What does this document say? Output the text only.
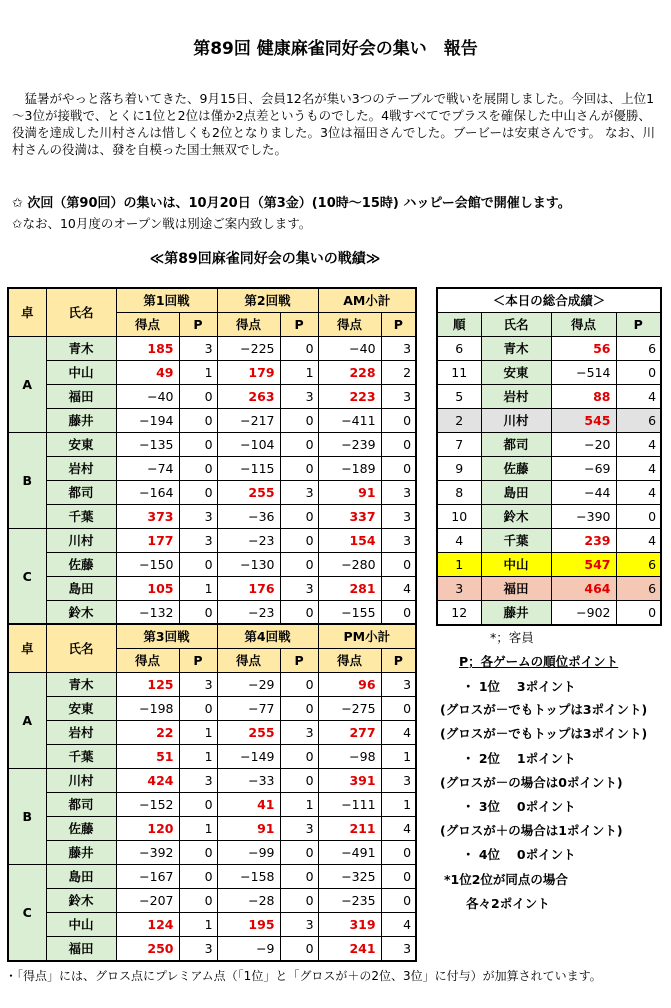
第89回 健康麻雀同好会の集い　報告
　猛暑がやっと落ち着いてきた、9月15日、会員12名が集い3つのテーブルで戦いを展開しました。今回は、上位1～3位が接戦で、とくに1位と2位は僅か2点差というものでした。4戦すべてでプラスを確保した中山さんが優勝、役満を達成した川村さんは惜しくも2位となりました。3位は福田さんでした。ブービーは安東さんです。 なお、川村さんの役満は、發を自模った国士無双でした。
✩ 次回（第90回）の集いは、10月20日（第3金）(10時～15時) ハッピー会館で開催します。
✩なお、10月度のオープン戦は別途ご案内致します。
≪第89回麻雀同好会の集いの戦績≫
卓	氏名	第1回戦		第2回戦		AM小計	
		得点	P	得点	P	得点	P
A	青木	185	3	−225	0	−40	3
	中山	49	1	179	1	228	2
	福田	−40	0	263	3	223	3
	藤井	−194	0	−217	0	−411	0
B	安東	−135	0	−104	0	−239	0
	岩村	−74	0	−115	0	−189	0
	都司	−164	0	255	3	91	3
	千葉	373	3	−36	0	337	3
C	川村	177	3	−23	0	154	3
	佐藤	−150	0	−130	0	−280	0
	島田	105	1	176	3	281	4
	鈴木	−132	0	−23	0	−155	0
卓	氏名	第3回戦		第4回戦		PM小計	
		得点	P	得点	P	得点	P
A	青木	125	3	−29	0	96	3
	安東	−198	0	−77	0	−275	0
	岩村	22	1	255	3	277	4
	千葉	51	1	−149	0	−98	1
B	川村	424	3	−33	0	391	3
	都司	−152	0	41	1	−111	1
	佐藤	120	1	91	3	211	4
	藤井	−392	0	−99	0	−491	0
C	島田	−167	0	−158	0	−325	0
	鈴木	−207	0	−28	0	−235	0
	中山	124	1	195	3	319	4
	福田	250	3	−9	0	241	3
＜本日の総合成績＞			
順	氏名	得点	P
6	青木	56	6
11	安東	−514	0
5	岩村	88	4
2	川村	545	6
7	都司	−20	4
9	佐藤	−69	4
8	島田	−44	4
10	鈴木	−390	0
4	千葉	239	4
1	中山	547	6
3	福田	464	6
12	藤井	−902	0
*；客員
P；各ゲームの順位ポイント
・ 1位　 3ポイント
(グロスが－でもトップは3ポイント)
(グロスが－でもトップは3ポイント)
・ 2位　 1ポイント
(グロスが－の場合は0ポイント)
・ 3位　 0ポイント
(グロスが＋の場合は1ポイント)
・ 4位　 0ポイント
*1位2位が同点の場合
各々2ポイント
・「得点」には、グロス点にプレミアム点（「1位」と「グロスが＋の2位、3位」に付与）が加算されています。
